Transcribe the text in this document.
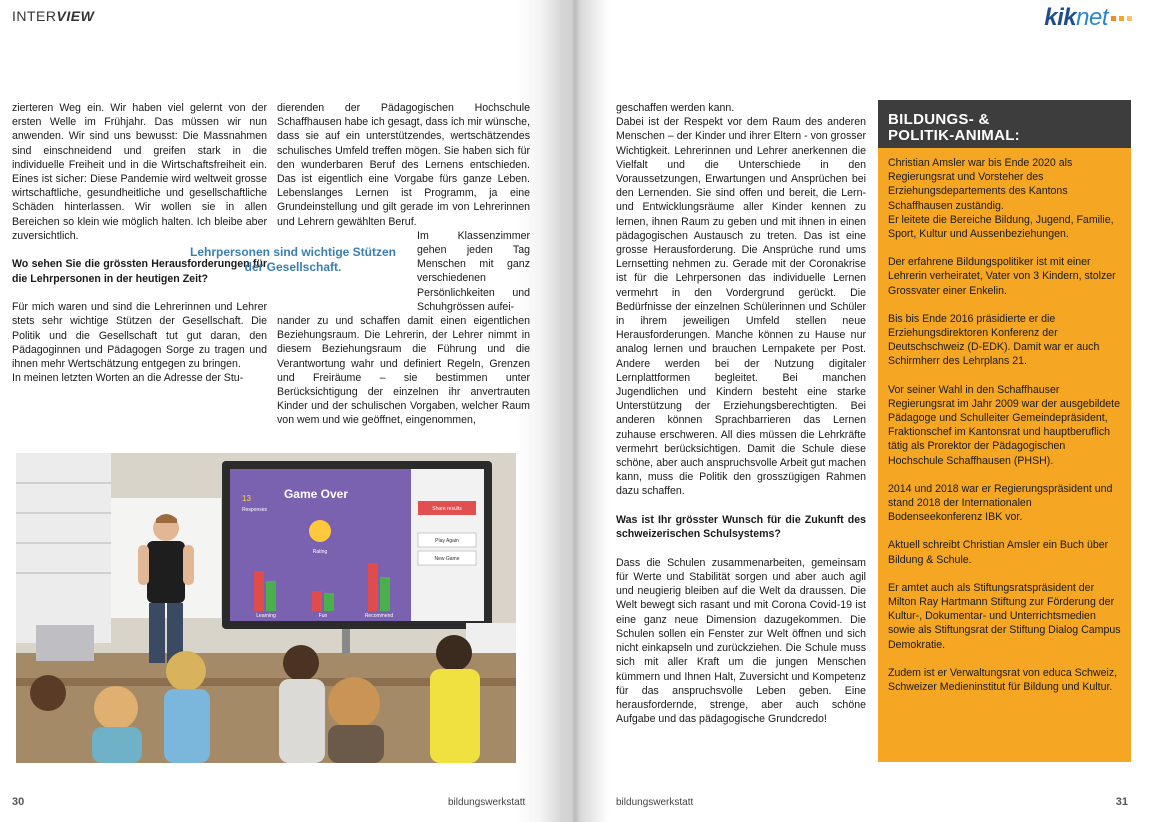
INTERVIEW

zierteren Weg ein. Wir haben viel gelernt von der ersten Welle im Frühjahr. Das müssen wir nun anwenden. Wir sind uns bewusst: Die Massnahmen sind einschneidend und greifen stark in die individuelle Freiheit und in die Wirtschaftsfreiheit ein. Eines ist sicher: Diese Pandemie wird weltweit grosse wirtschaftliche, gesundheitliche und gesellschaftliche Schäden hinterlassen. Wir wollen sie in allen Bereichen so klein wie möglich halten. Ich bleibe aber zuversichtlich.

Wo sehen Sie die grössten Herausforderungen für die Lehrpersonen in der heutigen Zeit?

Für mich waren und sind die Lehrerinnen und Lehrer stets sehr wichtige Stützen der Gesellschaft. Die Politik und die Gesellschaft tut gut daran, den Pädagoginnen und Pädagogen Sorge zu tragen und ihnen mehr Wertschätzung entgegen zu bringen.

In meinen letzten Worten an die Adresse der Stu-

dierenden der Pädagogischen Hochschule Schaffhausen habe ich gesagt, dass ich mir wünsche, dass sie auf ein unterstützendes, wertschätzendes schulisches Umfeld treffen mögen. Sie haben sich für den wunderbaren Beruf des Lernens entschieden. Das ist eigentlich eine Vorgabe fürs ganze Leben. Lebenslanges Lernen ist Programm, ja eine Grundeinstellung und gilt gerade im von Lehrerinnen und Lehrern gewählten Beruf.

Im Klassenzimmer gehen jeden Tag Menschen mit ganz verschiedenen Persönlichkeiten und Schuhgrössen aufei-

nander zu und schaffen damit einen eigentlichen Beziehungsraum. Die Lehrerin, der Lehrer nimmt in diesem Beziehungsraum die Führung und die Verantwortung wahr und definiert Regeln, Grenzen und Freiräume – sie bestimmen unter Berücksichtigung der einzelnen ihr anvertrauten Kinder und der schulischen Vorgaben, welcher Raum von wem und wie geöffnet, eingenommen,

Lehrpersonen sind wichtige Stützen der Gesellschaft.
Game Over
13
Responses
Rating
Learning	Fun	Recommend
Share results
Play Again
New Game
30	bildungswerkstatt
kiknet

geschaffen werden kann.

Dabei ist der Respekt vor dem Raum des anderen Menschen – der Kinder und ihrer Eltern - von grosser Wichtigkeit. Lehrerinnen und Lehrer anerkennen die Vielfalt und die Unterschiede in den Voraussetzungen, Erwartungen und Ansprüchen bei den Lernenden. Sie sind offen und bereit, die Lern- und Entwicklungsräume aller Kinder kennen zu lernen, ihnen Raum zu geben und mit ihnen in einen pädagogischen Austausch zu treten. Das ist eine grosse Herausforderung. Die Ansprüche rund ums Lernsetting nehmen zu. Gerade mit der Coronakrise ist für die Lehrpersonen das individuelle Lernen vermehrt in den Vordergrund gerückt. Die Bedürfnisse der einzelnen Schülerinnen und Schüler in ihrem jeweiligen Umfeld stellen neue Herausforderungen. Manche können zu Hause nur analog lernen und brauchen Lernpakete per Post. Andere werden bei der Nutzung digitaler Lernplattformen begleitet. Bei manchen Jugendlichen und Kindern besteht eine starke Unterstützung der Erziehungsberechtigten. Bei anderen können Sprachbarrieren das Lernen zuhause erschweren. All dies müssen die Lehrkräfte vermehrt berücksichtigen. Damit die Schule diese schöne, aber auch anspruchsvolle Arbeit gut machen kann, muss die Politik den grosszügigen Rahmen dazu schaffen.

Was ist Ihr grösster Wunsch für die Zukunft des schweizerischen Schulsystems?

Dass die Schulen zusammenarbeiten, gemeinsam für Werte und Stabilität sorgen und aber auch agil und neugierig bleiben auf die Welt da draussen. Die Welt bewegt sich rasant und mit Corona Covid-19 ist eine ganz neue Dimension dazugekommen. Die Schulen sollen ein Fenster zur Welt öffnen und sich nicht einkapseln und zurückziehen. Die Schule muss sich mit aller Kraft um die jungen Menschen kümmern und Ihnen Halt, Zuversicht und Kompetenz für das anspruchsvolle Leben geben. Eine herausfordernde, strenge, aber auch schöne Aufgabe und das pädagogische Grundcredo!

bildungswerkstatt	31
BILDUNGS- &
POLITIK-ANIMAL:

Christian Amsler war bis Ende 2020 als Regierungsrat und Vorsteher des Erziehungsdepartements des Kantons Schaffhausen zuständig.
Er leitete die Bereiche Bildung, Jugend, Familie, Sport, Kultur und Aussenbeziehungen.

Der erfahrene Bildungspolitiker ist mit einer Lehrerin verheiratet, Vater von 3 Kindern, stolzer Grossvater einer Enkelin.

Bis bis Ende 2016 präsidierte er die Erziehungsdirektoren Konferenz der Deutschschweiz (D-EDK). Damit war er auch Schirmherr des Lehrplans 21.

Vor seiner Wahl in den Schaffhauser Regierungsrat im Jahr 2009 war der ausgebildete Pädagoge und Schulleiter Gemeindepräsident, Fraktionschef im Kantonsrat und hauptberuflich tätig als Prorektor der Pädagogischen Hochschule Schaffhausen (PHSH).

2014 und 2018 war er Regierungspräsident und stand 2018 der Internationalen Bodenseekonferenz IBK vor.

Aktuell schreibt Christian Amsler ein Buch über Bildung & Schule.

Er amtet auch als Stiftungsratspräsident der Milton Ray Hartmann Stiftung zur Förderung der Kultur-, Dokumentar- und Unterrichtsmedien sowie als Stiftungsrat der Stiftung Dialog Campus Demokratie.

Zudem ist er Verwaltungsrat von educa Schweiz, Schweizer Medieninstitut für Bildung und Kultur.
